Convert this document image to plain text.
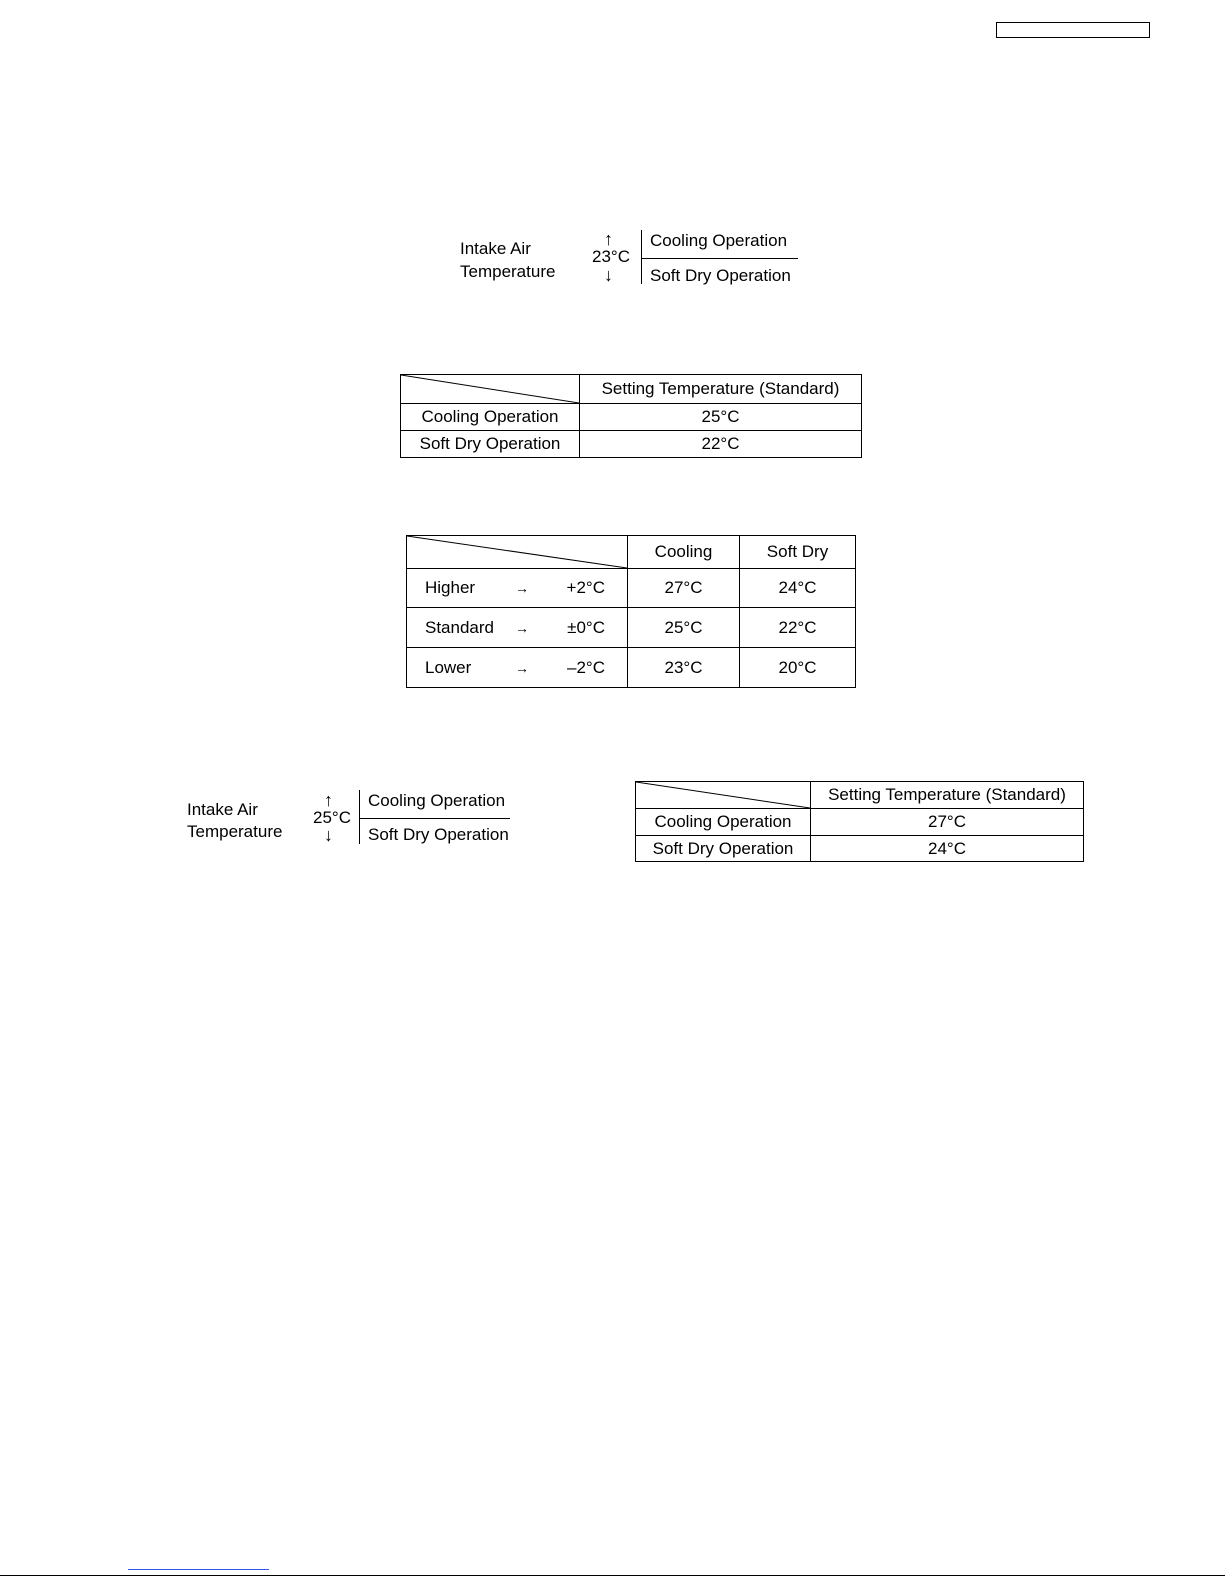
Intake Air
Temperature
↑
23°C
↓
Cooling Operation
Soft Dry Operation
	Setting Temperature (Standard)
Cooling Operation	25°C
Soft Dry Operation	22°C
	Cooling	Soft Dry

Higher → +2°C	27°C	24°C

Standard → ±0°C	25°C	22°C

Lower → –2°C	23°C	20°C
Intake Air
Temperature
↑
25°C
↓
Cooling Operation
Soft Dry Operation
	Setting Temperature (Standard)
Cooling Operation	27°C
Soft Dry Operation	24°C
